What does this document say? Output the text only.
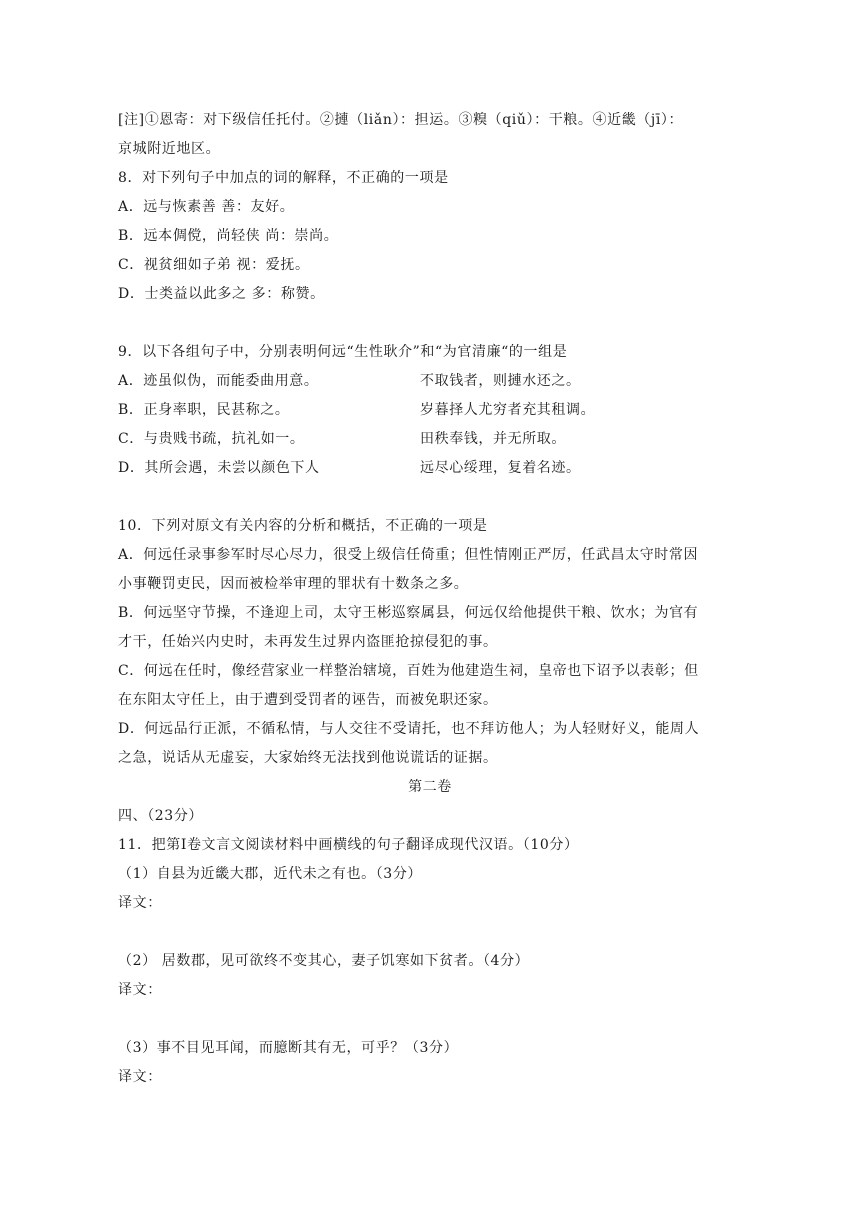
[注]①恩寄：对下级信任托付。②摙（liǎn）：担运。③糗（qiǔ）：干粮。④近畿（jī）：
京城附近地区。
8．对下列句子中加点的词的解释，不正确的一项是
A．远与恢素善 善：友好。
B．远本倜傥，尚轻侠 尚：崇尚。
C．视贫细如子弟 视：爱抚。
D．士类益以此多之 多：称赞。
9．以下各组句子中，分别表明何远“生性耿介”和“为官清廉“的一组是
A．迹虽似伪，而能委曲用意。	不取钱者，则摙水还之。
B．正身率职，民甚称之。	岁暮择人尤穷者充其租调。
C．与贵贱书疏，抗礼如一。	田秩奉钱，并无所取。
D．其所会遇，未尝以颜色下人	远尽心绥理，复着名迹。
10．下列对原文有关内容的分析和概括，不正确的一项是
A．何远任录事参军时尽心尽力，很受上级信任倚重；但性情刚正严厉，任武昌太守时常因
小事鞭罚吏民，因而被检举审理的罪状有十数条之多。
B．何远坚守节操，不逢迎上司，太守王彬巡察属县，何远仅给他提供干粮、饮水；为官有
才干，任始兴内史时，未再发生过界内盗匪抢掠侵犯的事。
C．何远在任时，像经营家业一样整治辖境，百姓为他建造生祠，皇帝也下诏予以表彰；但
在东阳太守任上，由于遭到受罚者的诬告，而被免职还家。
D．何远品行正派，不循私情，与人交往不受请托，也不拜访他人；为人轻财好义，能周人
之急，说话从无虚妄，大家始终无法找到他说谎话的证据。
第二卷
四、（23分）
11．把第Ⅰ卷文言文阅读材料中画横线的句子翻译成现代汉语。（10分）
（1）自县为近畿大郡，近代未之有也。（3分）
译文：
（2） 居数郡，见可欲终不变其心，妻子饥寒如下贫者。（4分）
译文：
（3）事不目见耳闻，而臆断其有无，可乎？（3分）
译文：
